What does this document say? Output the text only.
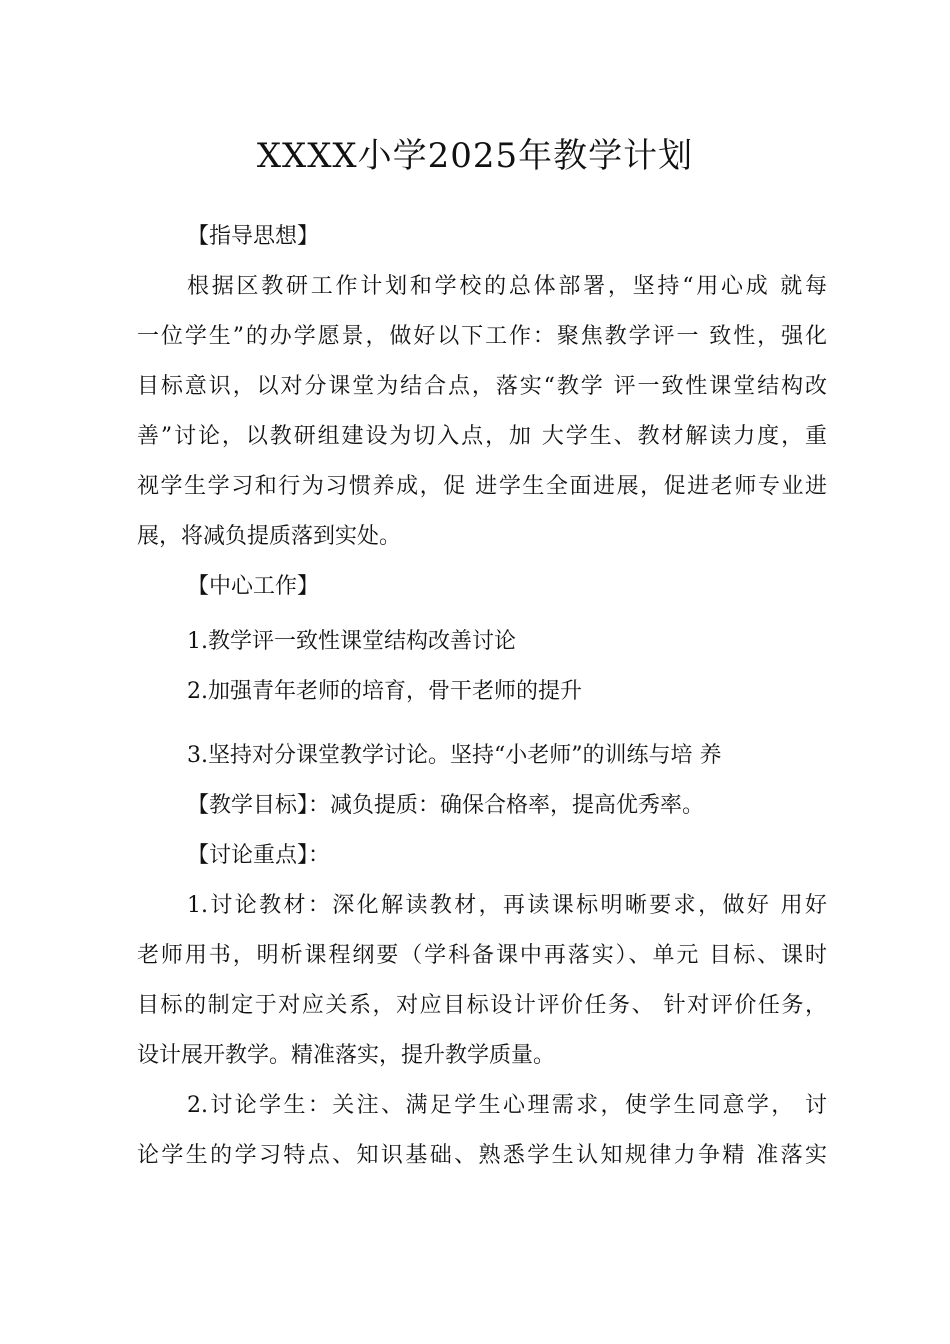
XXXX小学2025年教学计划
【指导思想】
根据区教研工作计划和学校的总体部署，坚持“用心成 就每
一位学生”的办学愿景，做好以下工作：聚焦教学评一 致性，强化
目标意识，以对分课堂为结合点，落实“教学 评一致性课堂结构改
善”讨论，以教研组建设为切入点，加 大学生、教材解读力度，重
视学生学习和行为习惯养成，促 进学生全面进展，促进老师专业进
展，将减负提质落到实处。
【中心工作】
1.教学评一致性课堂结构改善讨论
2.加强青年老师的培育，骨干老师的提升
3.坚持对分课堂教学讨论。坚持“小老师”的训练与培 养
【教学目标】：减负提质：确保合格率，提高优秀率。
【讨论重点】：
1.讨论教材：深化解读教材，再读课标明晰要求，做好 用好
老师用书，明析课程纲要（学科备课中再落实）、单元 目标、课时
目标的制定于对应关系，对应目标设计评价任务、 针对评价任务，
设计展开教学。精准落实，提升教学质量。
2.讨论学生：关注、满足学生心理需求，使学生同意学， 讨
论学生的学习特点、知识基础、熟悉学生认知规律力争精 准落实
